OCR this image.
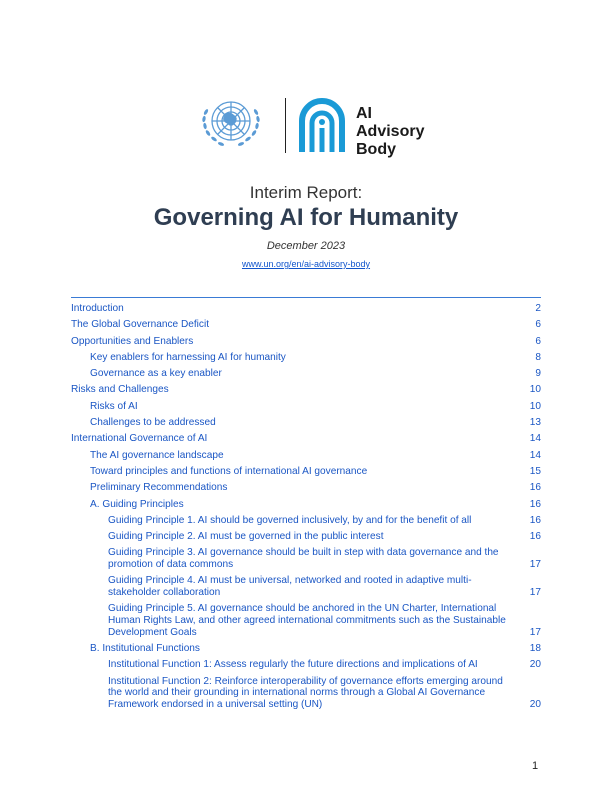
AI
Advisory
Body
Interim Report:
Governing AI for Humanity
December 2023
www.un.org/en/ai-advisory-body
Introduction	2
The Global Governance Deficit	6
Opportunities and Enablers	6
Key enablers for harnessing AI for humanity	8
Governance as a key enabler	9
Risks and Challenges	10
Risks of AI	10
Challenges to be addressed	13
International Governance of AI	14
The AI governance landscape	14
Toward principles and functions of international AI governance	15
Preliminary Recommendations	16
A. Guiding Principles	16
Guiding Principle 1. AI should be governed inclusively, by and for the benefit of all	16
Guiding Principle 2. AI must be governed in the public interest	16
Guiding Principle 3. AI governance should be built in step with data governance and the promotion of data commons	17
Guiding Principle 4. AI must be universal, networked and rooted in adaptive multi-stakeholder collaboration	17
Guiding Principle 5. AI governance should be anchored in the UN Charter, International Human Rights Law, and other agreed international commitments such as the Sustainable Development Goals	17
B. Institutional Functions	18
Institutional Function 1: Assess regularly the future directions and implications of AI	20
Institutional Function 2: Reinforce interoperability of governance efforts emerging around the world and their grounding in international norms through a Global AI Governance Framework endorsed in a universal setting (UN)	20
1
